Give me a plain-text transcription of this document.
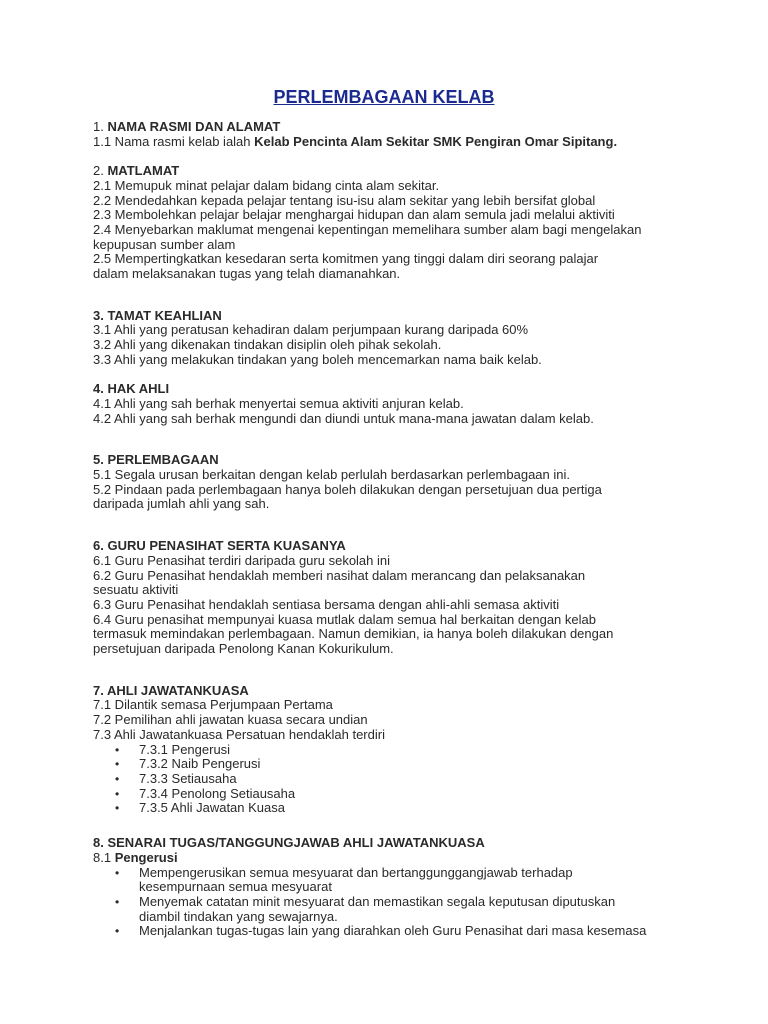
PERLEMBAGAAN KELAB
1. NAMA RASMI DAN ALAMAT
1.1 Nama rasmi kelab ialah Kelab Pencinta Alam Sekitar SMK Pengiran Omar Sipitang.
2. MATLAMAT
2.1 Memupuk minat pelajar dalam bidang cinta alam sekitar.
2.2 Mendedahkan kepada pelajar tentang isu-isu alam sekitar yang lebih bersifat global
2.3 Membolehkan pelajar belajar menghargai hidupan dan alam semula jadi melalui aktiviti
2.4 Menyebarkan maklumat mengenai kepentingan memelihara sumber alam bagi mengelakan kepupusan sumber alam
2.5 Mempertingkatkan kesedaran serta komitmen yang tinggi dalam diri seorang palajar dalam melaksanakan tugas yang telah diamanahkan.
3. TAMAT KEAHLIAN
3.1 Ahli yang peratusan kehadiran dalam perjumpaan kurang daripada 60%
3.2 Ahli yang dikenakan tindakan disiplin oleh pihak sekolah.
3.3 Ahli yang melakukan tindakan yang boleh mencemarkan nama baik kelab.
4. HAK AHLI
4.1 Ahli yang sah berhak menyertai semua aktiviti anjuran kelab.
4.2 Ahli yang sah berhak mengundi dan diundi untuk mana-mana jawatan dalam kelab.
5. PERLEMBAGAAN
5.1 Segala urusan berkaitan dengan kelab perlulah berdasarkan perlembagaan ini.
5.2 Pindaan pada perlembagaan hanya boleh dilakukan dengan persetujuan dua pertiga daripada jumlah ahli yang sah.
6. GURU PENASIHAT SERTA KUASANYA
6.1 Guru Penasihat terdiri daripada guru sekolah ini
6.2 Guru Penasihat hendaklah memberi nasihat dalam merancang dan pelaksanakan sesuatu aktiviti
6.3 Guru Penasihat hendaklah sentiasa bersama dengan ahli-ahli semasa aktiviti
6.4 Guru penasihat mempunyai kuasa mutlak dalam semua hal berkaitan dengan kelab termasuk memindakan perlembagaan. Namun demikian, ia hanya boleh dilakukan dengan persetujuan daripada Penolong Kanan Kokurikulum.
7. AHLI JAWATANKUASA
7.1 Dilantik semasa Perjumpaan Pertama
7.2 Pemilihan ahli jawatan kuasa secara undian
7.3 Ahli Jawatankuasa Persatuan hendaklah terdiri
• 7.3.1 Pengerusi
• 7.3.2 Naib Pengerusi
• 7.3.3 Setiausaha
• 7.3.4 Penolong Setiausaha
• 7.3.5 Ahli Jawatan Kuasa
8. SENARAI TUGAS/TANGGUNGJAWAB AHLI JAWATANKUASA
8.1 Pengerusi
• Mempengerusikan semua mesyuarat dan bertanggunggangjawab terhadap kesempurnaan semua mesyuarat
• Menyemak catatan minit mesyuarat dan memastikan segala keputusan diputuskan diambil tindakan yang sewajarnya.
• Menjalankan tugas-tugas lain yang diarahkan oleh Guru Penasihat dari masa kesemasa
